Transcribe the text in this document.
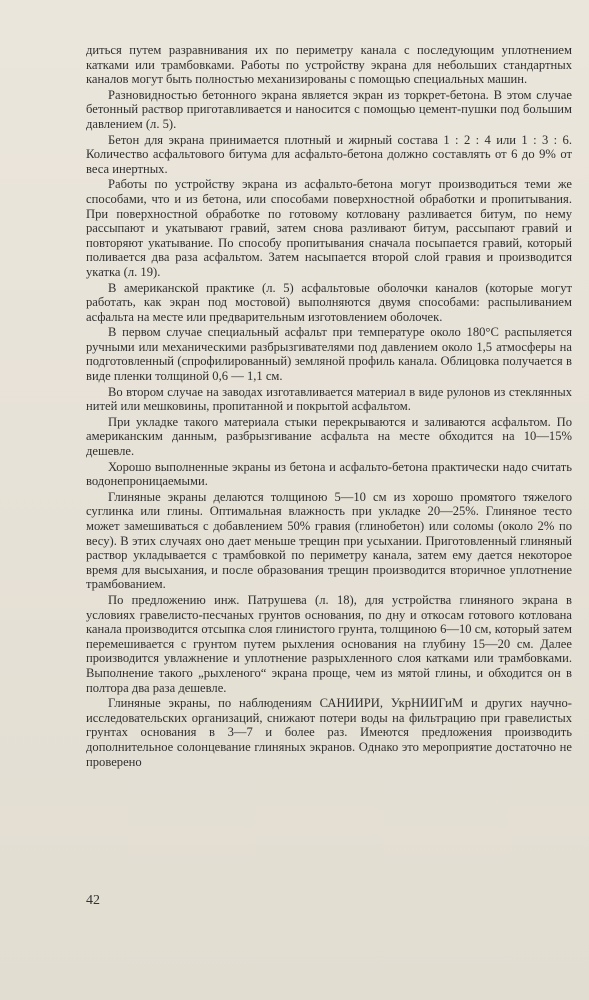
диться путем разравнивания их по периметру канала с последующим уплотнением катками или трамбовками. Работы по устройству экрана для небольших стандартных каналов могут быть полностью механизированы с помощью специальных машин.

Разновидностью бетонного экрана является экран из торкрет-бетона. В этом случае бетонный раствор приготавливается и наносится с помощью цемент-пушки под большим давлением (л. 5).

Бетон для экрана принимается плотный и жирный состава 1 : 2 : 4 или 1 : 3 : 6. Количество асфальтового битума для асфальто-бетона должно составлять от 6 до 9% от веса инертных.

Работы по устройству экрана из асфальто-бетона могут производиться теми же способами, что и из бетона, или способами поверхностной обработки и пропитывания. При поверхностной обработке по готовому котловану разливается битум, по нему рассыпают и укатывают гравий, затем снова разливают битум, рассыпают гравий и повторяют укатывание. По способу пропитывания сначала посыпается гравий, который поливается два раза асфальтом. Затем насыпается второй слой гравия и производится укатка (л. 19).

В американской практике (л. 5) асфальтовые оболочки каналов (которые могут работать, как экран под мостовой) выполняются двумя способами: распыливанием асфальта на месте или предварительным изготовлением оболочек.

В первом случае специальный асфальт при температуре около 180°С распыляется ручными или механическими разбрызгивателями под давлением около 1,5 атмосферы на подготовленный (спрофилированный) земляной профиль канала. Облицовка получается в виде пленки толщиной 0,6 — 1,1 см.

Во втором случае на заводах изготавливается материал в виде рулонов из стеклянных нитей или мешковины, пропитанной и покрытой асфальтом.

При укладке такого материала стыки перекрываются и заливаются асфальтом. По американским данным, разбрызгивание асфальта на месте обходится на 10—15% дешевле.

Хорошо выполненные экраны из бетона и асфальто-бетона практически надо считать водонепроницаемыми.

Глиняные экраны делаются толщиною 5—10 см из хорошо промятого тяжелого суглинка или глины. Оптимальная влажность при укладке 20—25%. Глиняное тесто может замешиваться с добавлением 50% гравия (глинобетон) или соломы (около 2% по весу). В этих случаях оно дает меньше трещин при усыхании. Приготовленный глиняный раствор укладывается с трамбовкой по периметру канала, затем ему дается некоторое время для высыхания, и после образования трещин производится вторичное уплотнение трамбованием.

По предложению инж. Патрушева (л. 18), для устройства глиняного экрана в условиях гравелисто-песчаных грунтов основания, по дну и откосам готового котлована канала производится отсыпка слоя глинистого грунта, толщиною 6—10 см, который затем перемешивается с грунтом путем рыхления основания на глубину 15—20 см. Далее производится увлажнение и уплотнение разрыхленного слоя катками или трамбовками. Выполнение такого „рыхленого“ экрана проще, чем из мятой глины, и обходится он в полтора два раза дешевле.

Глиняные экраны, по наблюдениям САНИИРИ, УкрНИИГиМ и других научно-исследовательских организаций, снижают потери воды на фильтрацию при гравелистых грунтах основания в 3—7 и более раз. Имеются предложения производить дополнительное солонцевание глиняных экранов. Однако это мероприятие достаточно не проверено

42
